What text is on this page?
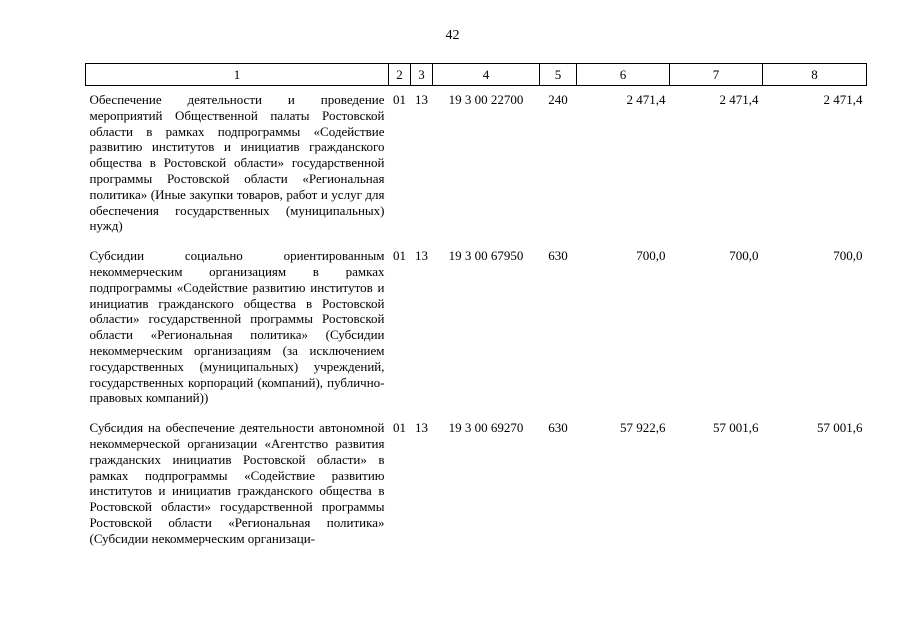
42
1	2	3	4	5	6	7	8
Обеспечение деятельности и проведение мероприятий Общественной палаты Ростовской области в рамках подпрограммы «Содействие развитию институтов и инициатив гражданского общества в Ростовской области» государственной программы Ростовской области «Региональная политика» (Иные закупки товаров, работ и услуг для обеспечения государственных (муниципальных) нужд)	01	13	19 3 00 22700	240	2 471,4	2 471,4	2 471,4
Субсидии социально ориентированным некоммерческим организациям в рамках подпрограммы «Содействие развитию институтов и инициатив гражданского общества в Ростовской области» государственной программы Ростовской области «Региональная политика» (Субсидии некоммерческим организациям (за исключением государственных (муниципальных) учреждений, государственных корпораций (компаний), публично-правовых компаний))	01	13	19 3 00 67950	630	700,0	700,0	700,0
Субсидия на обеспечение деятельности автономной некоммерческой организации «Агентство развития гражданских инициатив Ростовской области» в рамках подпрограммы «Содействие развитию институтов и инициатив гражданского общества в Ростовской области» государственной программы Ростовской области «Региональная политика» (Субсидии некоммерческим организаци-	01	13	19 3 00 69270	630	57 922,6	57 001,6	57 001,6
